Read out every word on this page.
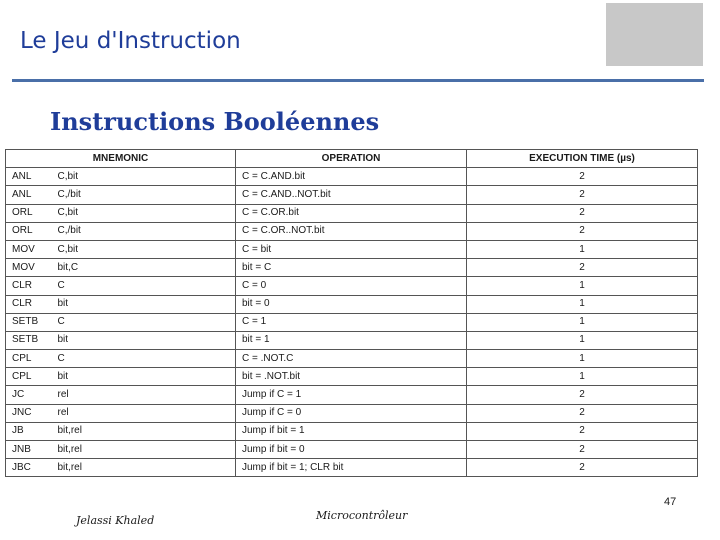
Le Jeu d'Instruction
Instructions Booléennes
MNEMONIC		OPERATION	EXECUTION TIME (µs)
ANL	C,bit	C = C.AND.bit	2
ANL	C,/bit	C = C.AND..NOT.bit	2
ORL	C,bit	C = C.OR.bit	2
ORL	C,/bit	C = C.OR..NOT.bit	2
MOV	C,bit	C = bit	1
MOV	bit,C	bit = C	2
CLR	C	C = 0	1
CLR	bit	bit = 0	1
SETB	C	C = 1	1
SETB	bit	bit = 1	1
CPL	C	C = .NOT.C	1
CPL	bit	bit = .NOT.bit	1
JC	rel	Jump if C = 1	2
JNC	rel	Jump if C = 0	2
JB	bit,rel	Jump if bit = 1	2
JNB	bit,rel	Jump if bit = 0	2
JBC	bit,rel	Jump if bit = 1; CLR bit	2
Jelassi Khaled	Microcontrôleur
47
